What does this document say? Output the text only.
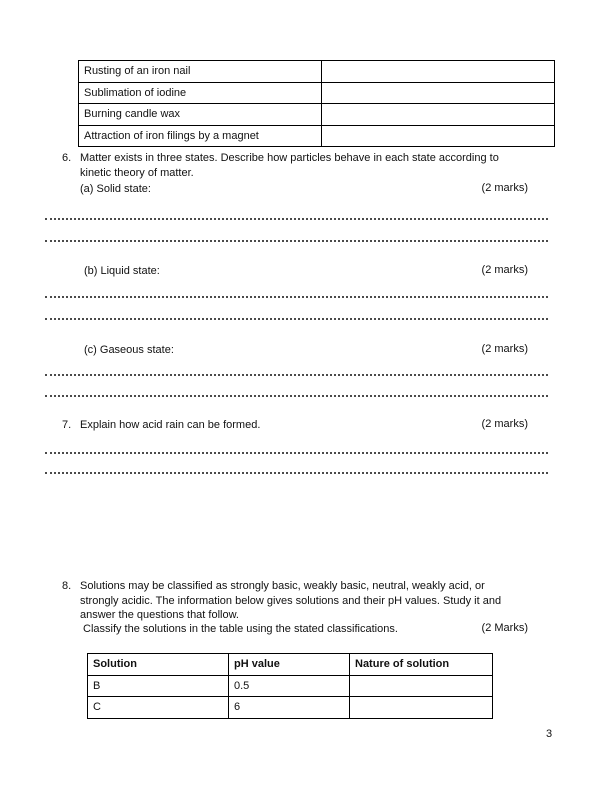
Rusting of an iron nail	
Sublimation of iodine	
Burning candle wax	
Attraction of iron filings by a magnet	
6. Matter exists in three states. Describe how particles behave in each state according to
kinetic theory of matter.
(a) Solid state:	(2 marks)
(b) Liquid state:	(2 marks)
(c) Gaseous state:	(2 marks)
7. Explain how acid rain can be formed.	(2 marks)
8. Solutions may be classified as strongly basic, weakly basic, neutral, weakly acid, or
strongly acidic. The information below gives solutions and their pH values. Study it and
answer the questions that follow.
Classify the solutions in the table using the stated classifications.	(2 Marks)
Solution	pH value	Nature of solution
B	0.5	
C	6	
3
